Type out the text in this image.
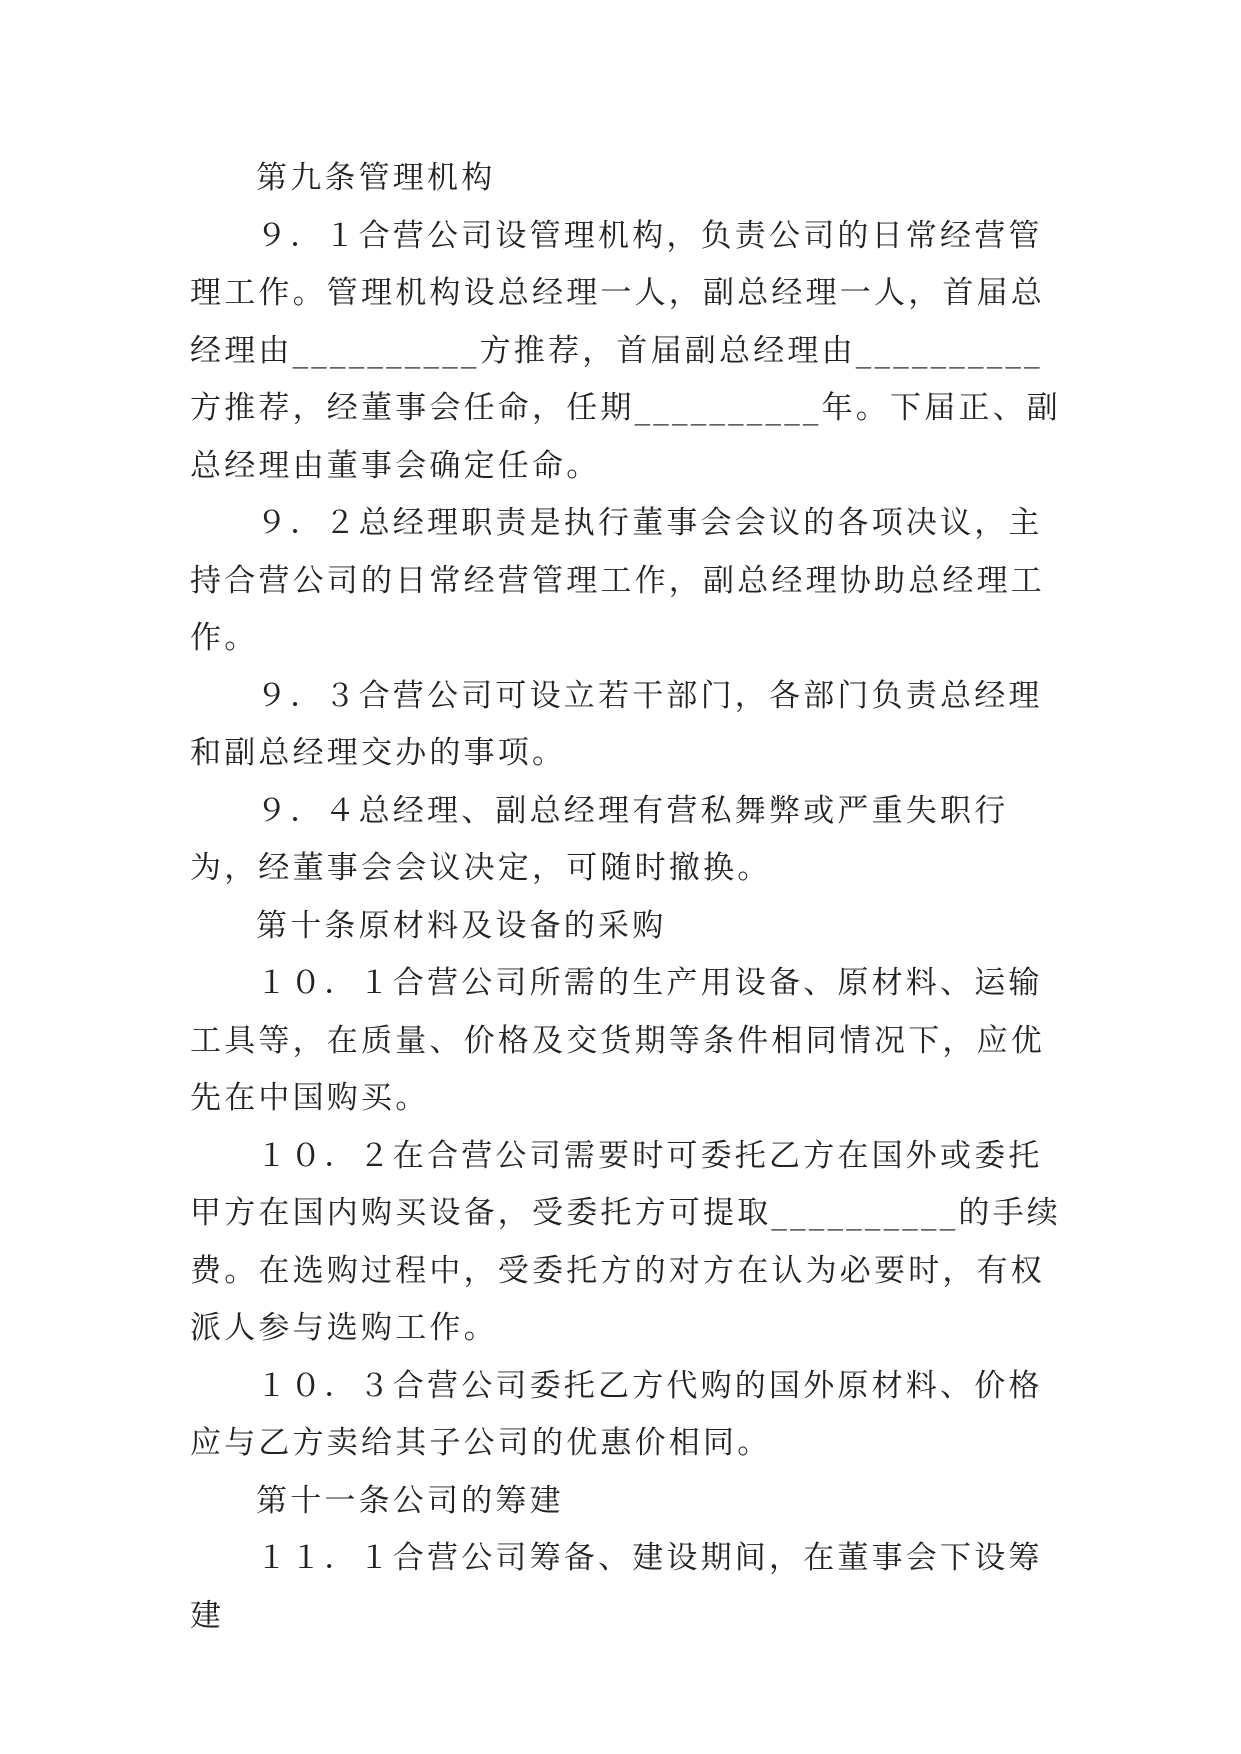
第九条管理机构

９．１合营公司设管理机构，负责公司的日常经营管理工作。管理机构设总经理一人，副总经理一人，首届总经理由__________方推荐，首届副总经理由__________方推荐，经董事会任命，任期__________年。下届正、副总经理由董事会确定任命。

９．２总经理职责是执行董事会会议的各项决议，主持合营公司的日常经营管理工作，副总经理协助总经理工作。

９．３合营公司可设立若干部门，各部门负责总经理和副总经理交办的事项。

９．４总经理、副总经理有营私舞弊或严重失职行为，经董事会会议决定，可随时撤换。

第十条原材料及设备的采购

１０．１合营公司所需的生产用设备、原材料、运输工具等，在质量、价格及交货期等条件相同情况下，应优先在中国购买。

１０．２在合营公司需要时可委托乙方在国外或委托甲方在国内购买设备，受委托方可提取__________的手续费。在选购过程中，受委托方的对方在认为必要时，有权派人参与选购工作。

１０．３合营公司委托乙方代购的国外原材料、价格应与乙方卖给其子公司的优惠价相同。

第十一条公司的筹建

１１．１合营公司筹备、建设期间，在董事会下设筹建
